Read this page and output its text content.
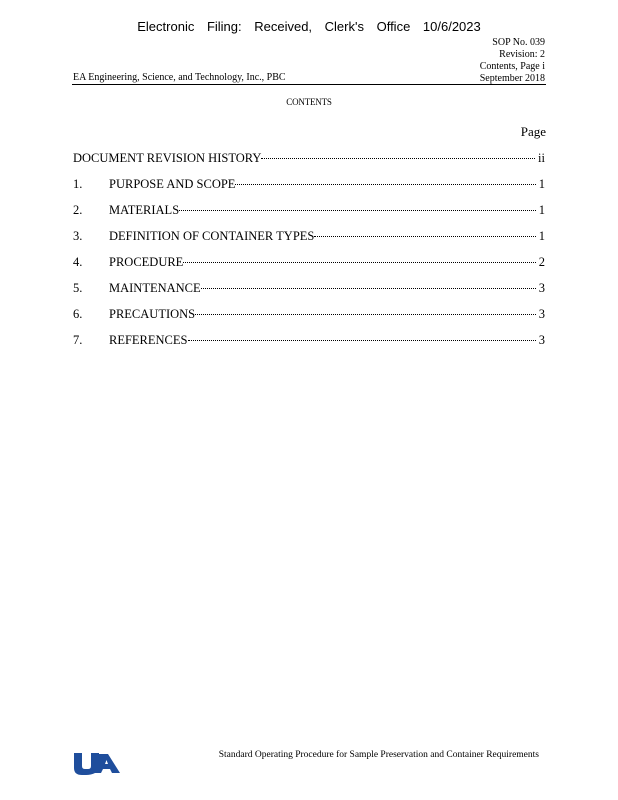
Electronic Filing: Received, Clerk's Office 10/6/2023
EA Engineering, Science, and Technology, Inc., PBC
SOP No. 039
Revision: 2
Contents, Page i
September 2018
CONTENTS
Page
DOCUMENT REVISION HISTORY	ii
1.	PURPOSE AND SCOPE	1
2.	MATERIALS	1
3.	DEFINITION OF CONTAINER TYPES	1
4.	PROCEDURE	2
5.	MAINTENANCE	3
6.	PRECAUTIONS	3
7.	REFERENCES	3
Standard Operating Procedure for Sample Preservation and Container Requirements
